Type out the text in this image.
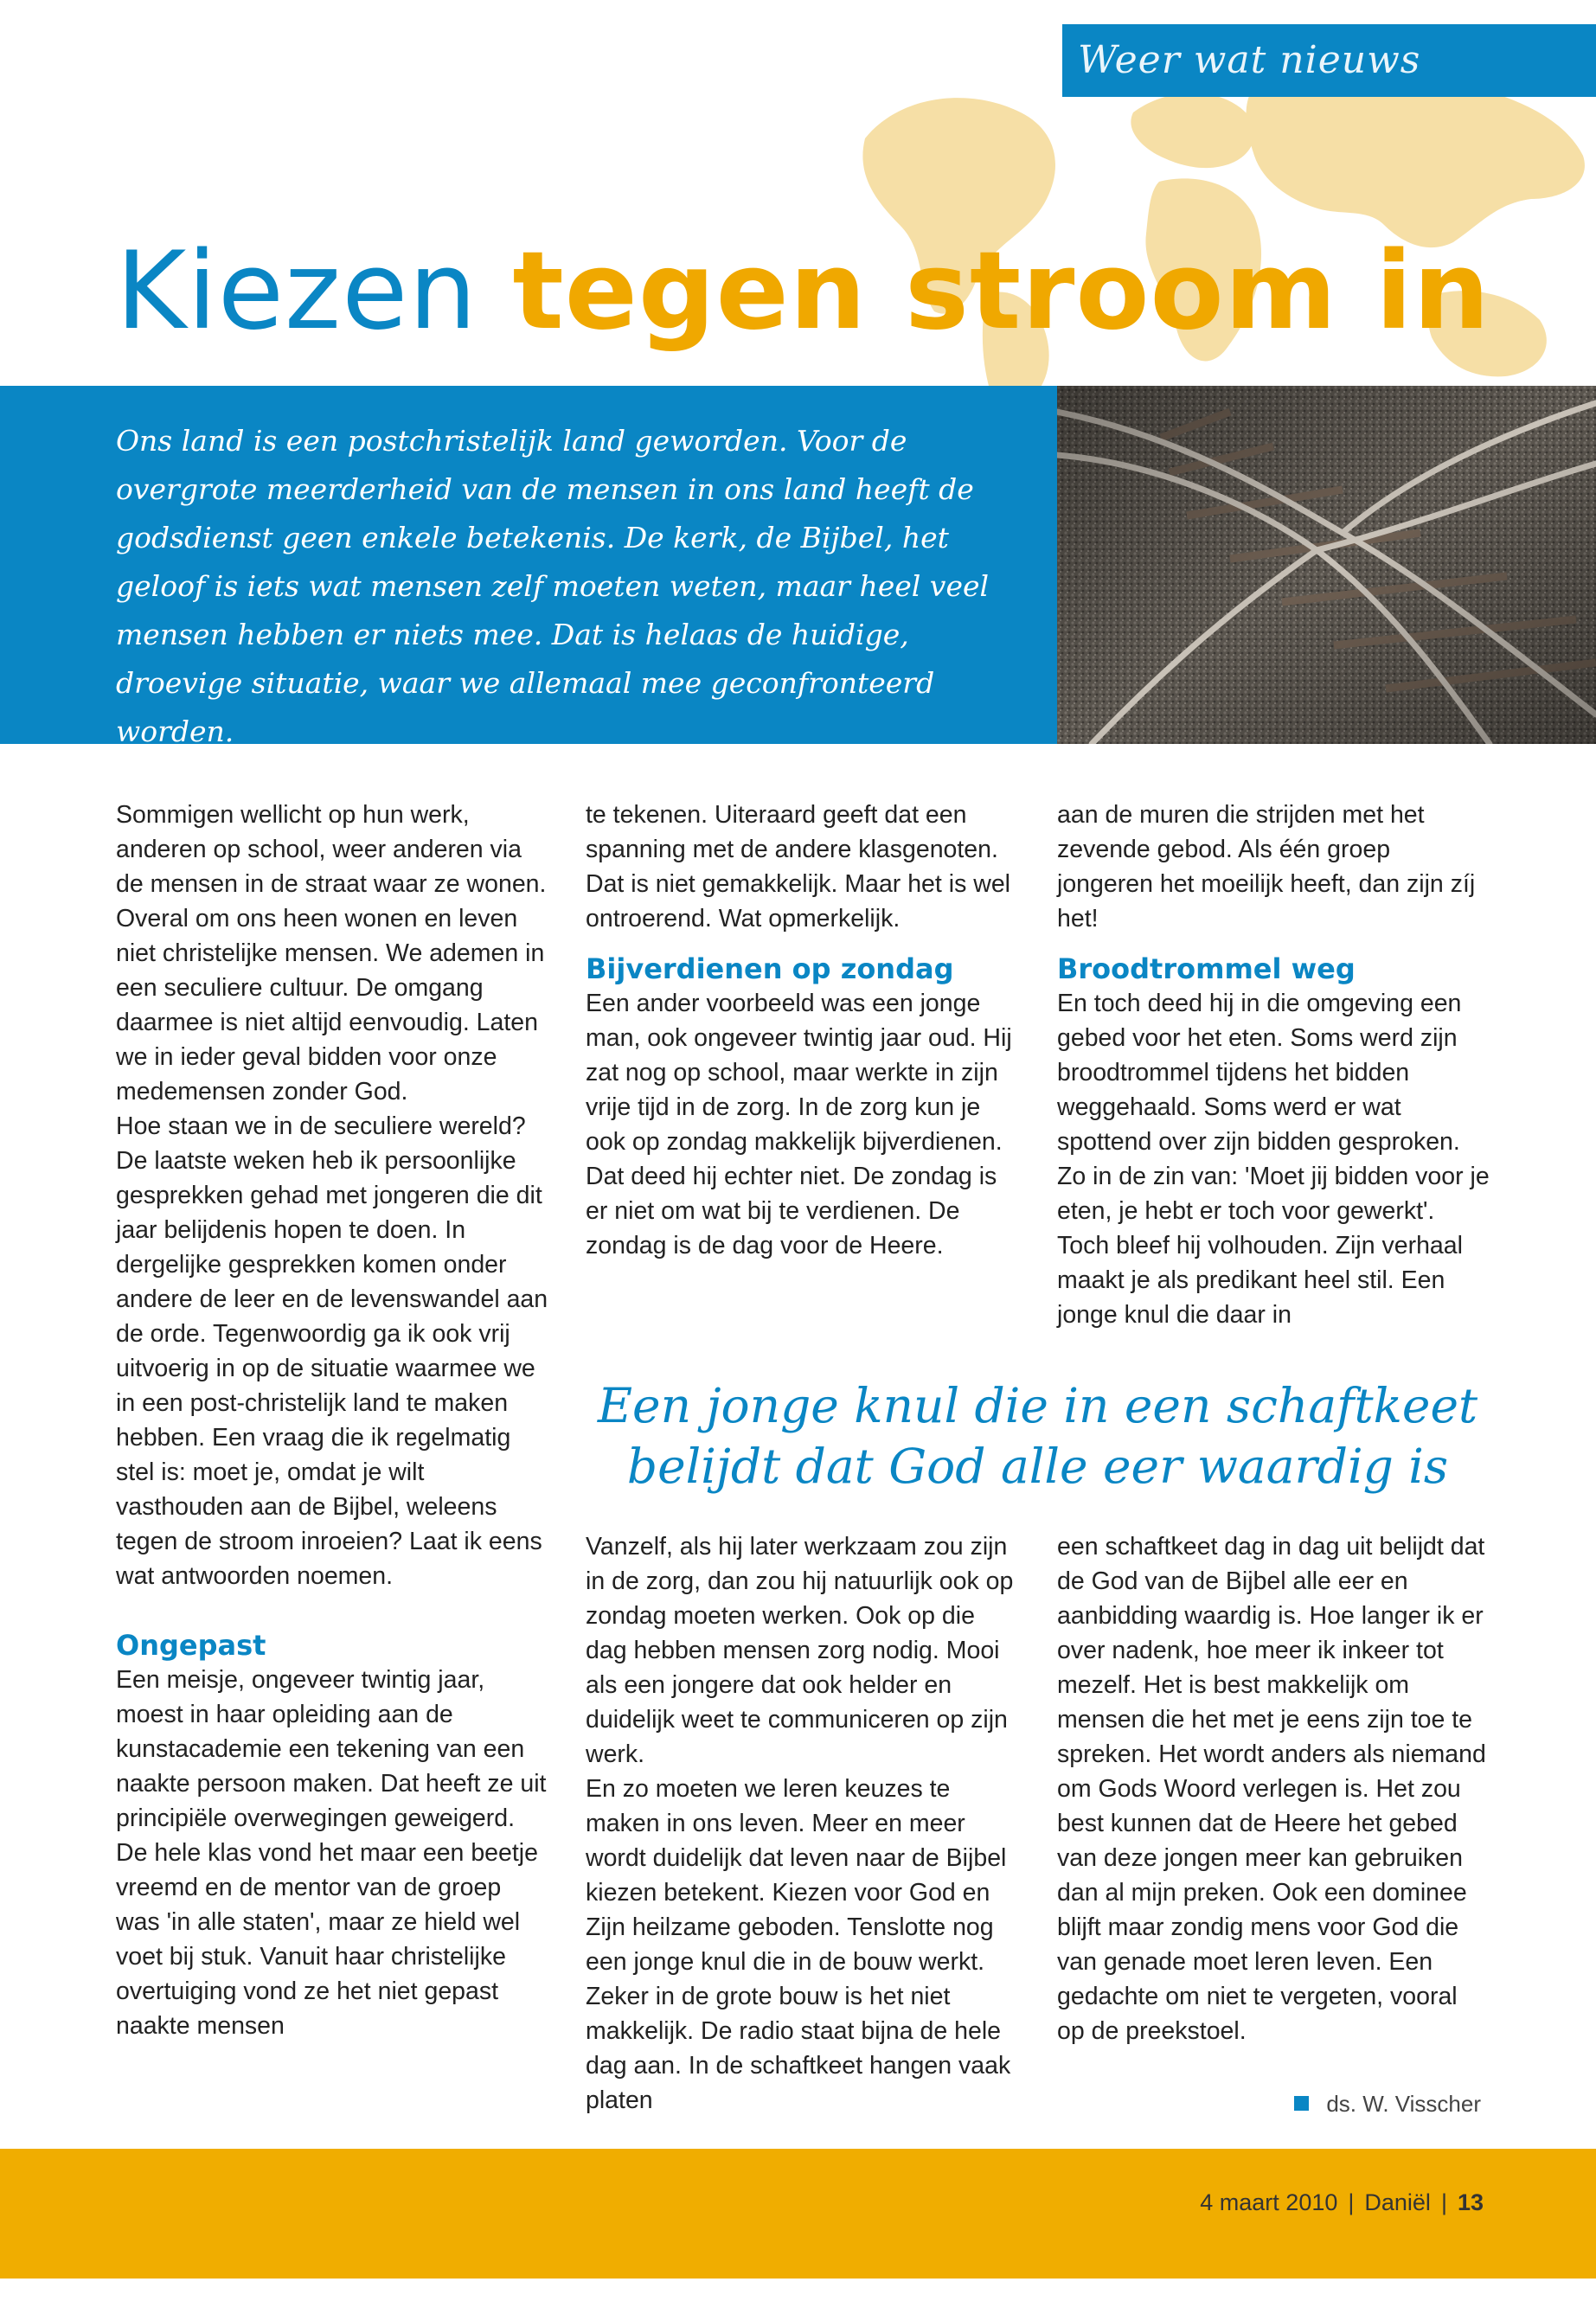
Weer wat nieuws
Kiezen tegen stroom in
Ons land is een postchristelijk land geworden. Voor de overgrote meerderheid van de mensen in ons land heeft de godsdienst geen enkele betekenis. De kerk, de Bijbel, het geloof is iets wat mensen zelf moeten weten, maar heel veel mensen hebben er niets mee. Dat is helaas de huidige, droevige situatie, waar we allemaal mee geconfronteerd worden.

Sommigen wellicht op hun werk, anderen op school, weer anderen via de mensen in de straat waar ze wonen. Overal om ons heen wonen en leven niet christelijke mensen. We ademen in een seculiere cultuur. De omgang daarmee is niet altijd eenvoudig. Laten we in ieder geval bidden voor onze medemensen zonder God.

Hoe staan we in de seculiere wereld? De laatste weken heb ik persoonlijke gesprekken gehad met jongeren die dit jaar belijdenis hopen te doen. In dergelijke gesprekken komen onder andere de leer en de levenswandel aan de orde. Tegenwoordig ga ik ook vrij uitvoerig in op de situatie waarmee we in een post-christelijk land te maken hebben. Een vraag die ik regelmatig stel is: moet je, omdat je wilt vasthouden aan de Bijbel, weleens tegen de stroom inroeien? Laat ik eens wat antwoorden noemen.

Ongepast

Een meisje, ongeveer twintig jaar, moest in haar opleiding aan de kunstacademie een tekening van een naakte persoon maken. Dat heeft ze uit principiële overwegingen geweigerd. De hele klas vond het maar een beetje vreemd en de mentor van de groep was 'in alle staten', maar ze hield wel voet bij stuk. Vanuit haar christelijke overtuiging vond ze het niet gepast naakte mensen

te tekenen. Uiteraard geeft dat een spanning met de andere klasgenoten. Dat is niet gemakkelijk. Maar het is wel ontroerend. Wat opmerkelijk.

Bijverdienen op zondag

Een ander voorbeeld was een jonge man, ook ongeveer twintig jaar oud. Hij zat nog op school, maar werkte in zijn vrije tijd in de zorg. In de zorg kun je ook op zondag makkelijk bijverdienen. Dat deed hij echter niet. De zondag is er niet om wat bij te verdienen. De zondag is de dag voor de Heere.

aan de muren die strijden met het zevende gebod. Als één groep jongeren het moeilijk heeft, dan zijn zíj het!

Broodtrommel weg

En toch deed hij in die omgeving een gebed voor het eten. Soms werd zijn broodtrommel tijdens het bidden weggehaald. Soms werd er wat spottend over zijn bidden gesproken. Zo in de zin van: 'Moet jij bidden voor je eten, je hebt er toch voor gewerkt'. Toch bleef hij volhouden. Zijn verhaal maakt je als predikant heel stil. Een jonge knul die daar in

Een jonge knul die in een schaftkeet
belijdt dat God alle eer waardig is

Vanzelf, als hij later werkzaam zou zijn in de zorg, dan zou hij natuurlijk ook op zondag moeten werken. Ook op die dag hebben mensen zorg nodig. Mooi als een jongere dat ook helder en duidelijk weet te communiceren op zijn werk.

En zo moeten we leren keuzes te maken in ons leven. Meer en meer wordt duidelijk dat leven naar de Bijbel kiezen betekent. Kiezen voor God en Zijn heilzame geboden. Tenslotte nog een jonge knul die in de bouw werkt. Zeker in de grote bouw is het niet makkelijk. De radio staat bijna de hele dag aan. In de schaftkeet hangen vaak platen

een schaftkeet dag in dag uit belijdt dat de God van de Bijbel alle eer en aanbidding waardig is. Hoe langer ik er over nadenk, hoe meer ik inkeer tot mezelf. Het is best makkelijk om mensen die het met je eens zijn toe te spreken. Het wordt anders als niemand om Gods Woord verlegen is. Het zou best kunnen dat de Heere het gebed van deze jongen meer kan gebruiken dan al mijn preken. Ook een dominee blijft maar zondig mens voor God die van genade moet leren leven. Een gedachte om niet te vergeten, vooral op de preekstoel.

ds. W. Visscher
4 maart 2010 | Daniël | 13
